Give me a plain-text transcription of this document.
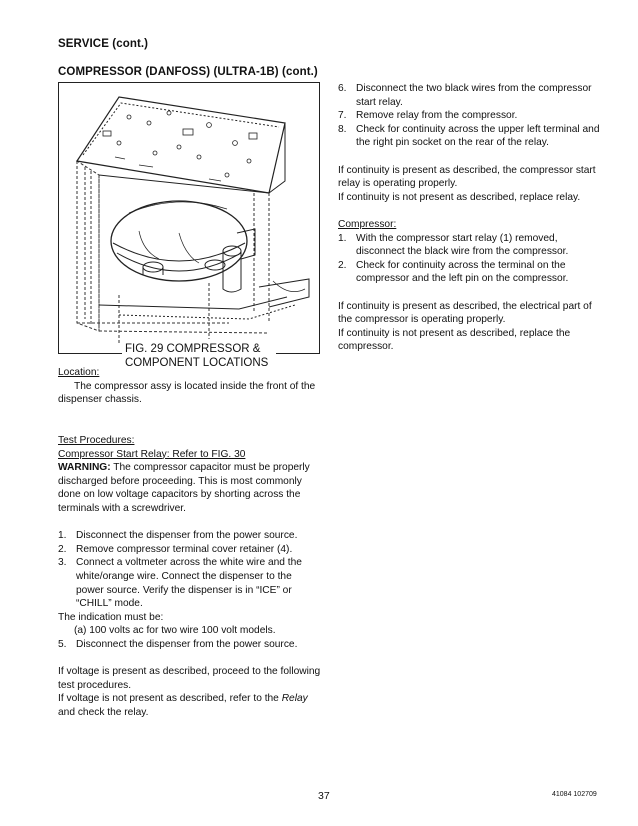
SERVICE (cont.)
COMPRESSOR (DANFOSS) (ULTRA-1B) (cont.)
FIG. 29 COMPRESSOR &
COMPONENT LOCATIONS

Location:

The compressor assy is located inside the front of the dispenser chassis.

Test Procedures:

Compressor Start Relay: Refer to FIG. 30

WARNING: The compressor capacitor must be properly discharged before proceeding. This is most commonly done on low voltage capacitors by shorting across the terminals with a screwdriver.

1. Disconnect the dispenser from the power source.
2. Remove compressor terminal cover retainer (4).
3. Connect a voltmeter across the white wire and the white/orange wire. Connect the dispenser to the power source. Verify the dispenser is in “ICE” or “CHILL” mode.

The indication must be:

(a) 100 volts ac for two wire 100 volt models.

5. Disconnect the dispenser from the power source.

If voltage is present as described, proceed to the following test procedures.

If voltage is not present as described, refer to the Relay and check the relay.

6. Disconnect the two black wires from the compressor start relay.
7. Remove relay from the compressor.
8. Check for continuity across the upper left terminal and the right pin socket on the rear of the relay.

If continuity is present as described, the compressor start relay is operating properly.

If continuity is not present as described, replace relay.

Compressor:

1. With the compressor start relay (1) removed, disconnect the black wire from the compressor.
2. Check for continuity across the terminal on the compressor and the left pin on the compressor.

If continuity is present as described, the electrical part of the compressor is operating properly.

If continuity is not present as described, replace the compressor.

37	41084 102709
